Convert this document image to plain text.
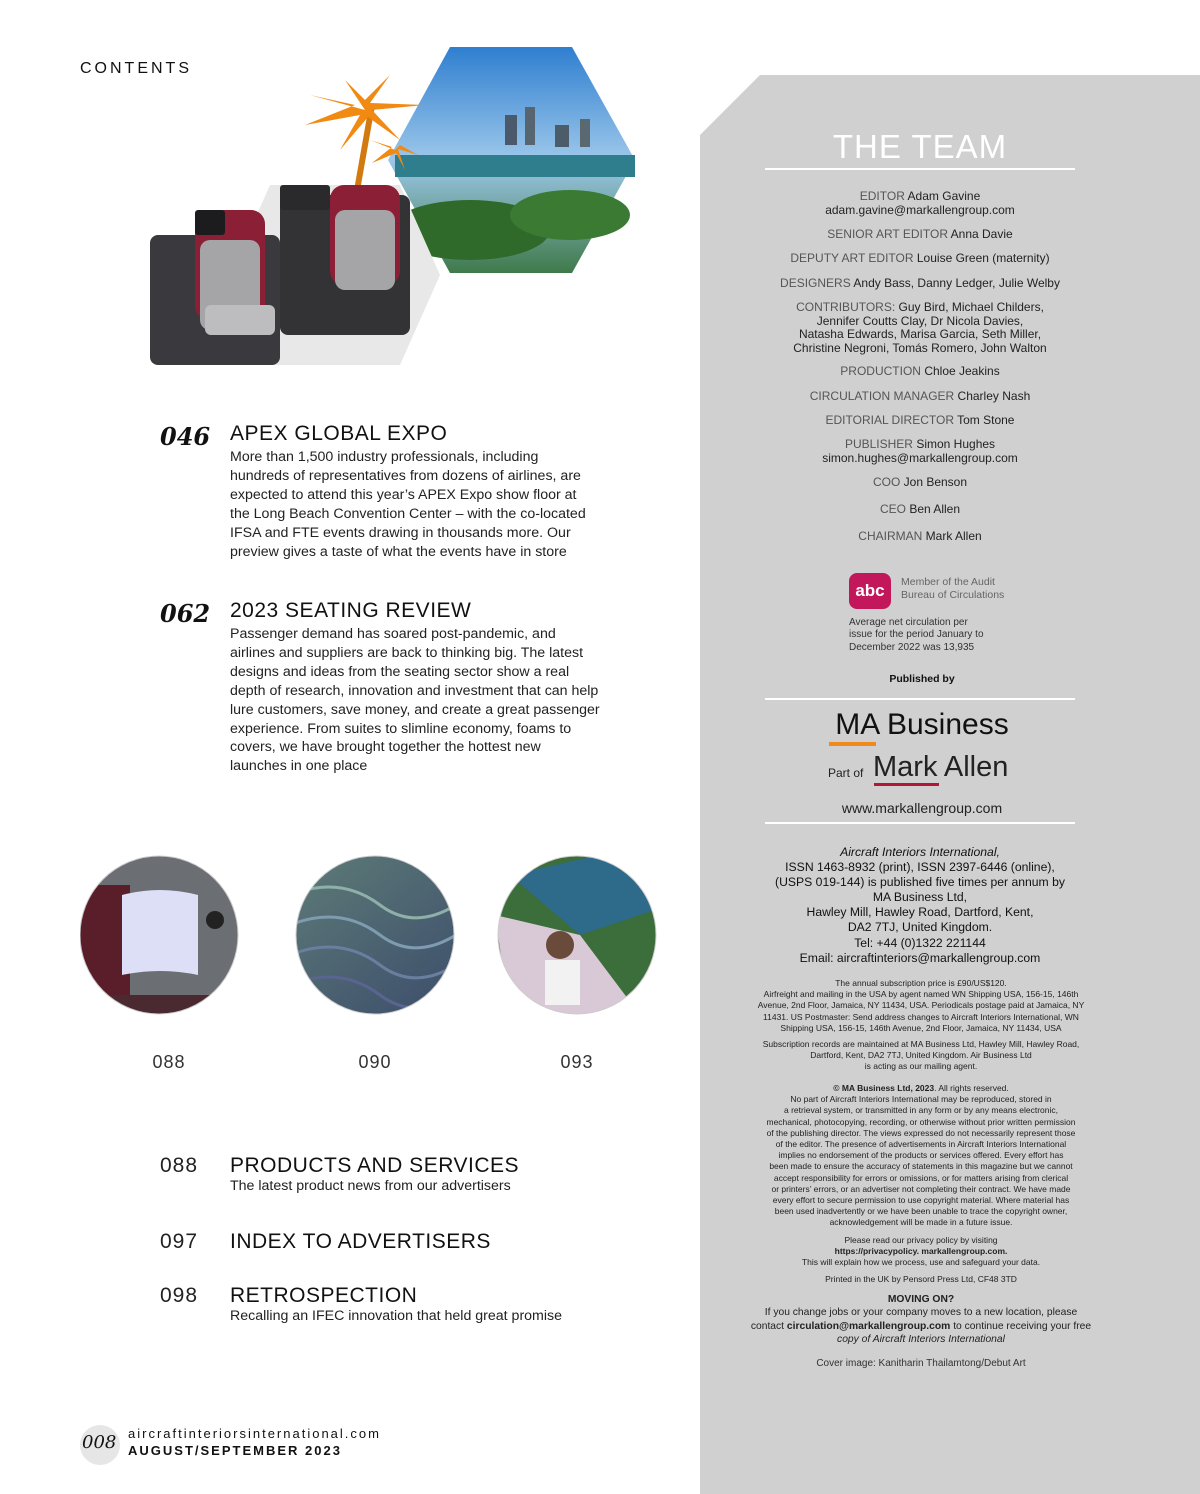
CONTENTS
046 APEX GLOBAL EXPO
More than 1,500 industry professionals, including hundreds of representatives from dozens of airlines, are expected to attend this year’s APEX Expo show floor at the Long Beach Convention Center – with the co-located IFSA and FTE events drawing in thousands more. Our preview gives a taste of what the events have in store
062 2023 SEATING REVIEW
Passenger demand has soared post-pandemic, and airlines and suppliers are back to thinking big. The latest designs and ideas from the seating sector show a real depth of research, innovation and investment that can help lure customers, save money, and create a great passenger experience. From suites to slimline economy, foams to covers, we have brought together the hottest new launches in one place
088	090	093
088 PRODUCTS AND SERVICES
The latest product news from our advertisers
097 INDEX TO ADVERTISERS
098 RETROSPECTION
Recalling an IFEC innovation that held great promise
008 aircraftinteriorsinternational.com
AUGUST/SEPTEMBER 2023
THE TEAM
EDITOR Adam Gavine
adam.gavine@markallengroup.com
SENIOR ART EDITOR Anna Davie
DEPUTY ART EDITOR Louise Green (maternity)
DESIGNERS Andy Bass, Danny Ledger, Julie Welby
CONTRIBUTORS: Guy Bird, Michael Childers,
Jennifer Coutts Clay, Dr Nicola Davies,
Natasha Edwards, Marisa Garcia, Seth Miller,
Christine Negroni, Tomás Romero, John Walton
PRODUCTION Chloe Jeakins
CIRCULATION MANAGER Charley Nash
EDITORIAL DIRECTOR Tom Stone
PUBLISHER Simon Hughes
simon.hughes@markallengroup.com
COO Jon Benson
CEO Ben Allen
CHAIRMAN Mark Allen
abc	Member of the Audit
Bureau of Circulations
Average net circulation per
issue for the period January to
December 2022 was 13,935
Published by
MA Business
Part of Mark Allen
www.markallengroup.com
Aircraft Interiors International,
ISSN 1463-8932 (print), ISSN 2397-6446 (online),
(USPS 019-144) is published five times per annum by
MA Business Ltd,
Hawley Mill, Hawley Road, Dartford, Kent,
DA2 7TJ, United Kingdom.
Tel: +44 (0)1322 221144
Email: aircraftinteriors@markallengroup.com
The annual subscription price is £90/US$120.
Airfreight and mailing in the USA by agent named WN Shipping USA, 156-15, 146th
Avenue, 2nd Floor, Jamaica, NY 11434, USA. Periodicals postage paid at Jamaica, NY
11431. US Postmaster: Send address changes to Aircraft Interiors International, WN
Shipping USA, 156-15, 146th Avenue, 2nd Floor, Jamaica, NY 11434, USA
Subscription records are maintained at MA Business Ltd, Hawley Mill, Hawley Road,
Dartford, Kent, DA2 7TJ, United Kingdom. Air Business Ltd
is acting as our mailing agent.
© MA Business Ltd, 2023. All rights reserved.
No part of Aircraft Interiors International may be reproduced, stored in
a retrieval system, or transmitted in any form or by any means electronic,
mechanical, photocopying, recording, or otherwise without prior written permission
of the publishing director. The views expressed do not necessarily represent those
of the editor. The presence of advertisements in Aircraft Interiors International
implies no endorsement of the products or services offered. Every effort has
been made to ensure the accuracy of statements in this magazine but we cannot
accept responsibility for errors or omissions, or for matters arising from clerical
or printers’ errors, or an advertiser not completing their contract. We have made
every effort to secure permission to use copyright material. Where material has
been used inadvertently or we have been unable to trace the copyright owner,
acknowledgement will be made in a future issue.
Please read our privacy policy by visiting
https://privacypolicy. markallengroup.com.
This will explain how we process, use and safeguard your data.
Printed in the UK by Pensord Press Ltd, CF48 3TD
MOVING ON?
If you change jobs or your company moves to a new location, please
contact circulation@markallengroup.com to continue receiving your free
copy of Aircraft Interiors International
Cover image: Kanitharin Thailamtong/Debut Art
